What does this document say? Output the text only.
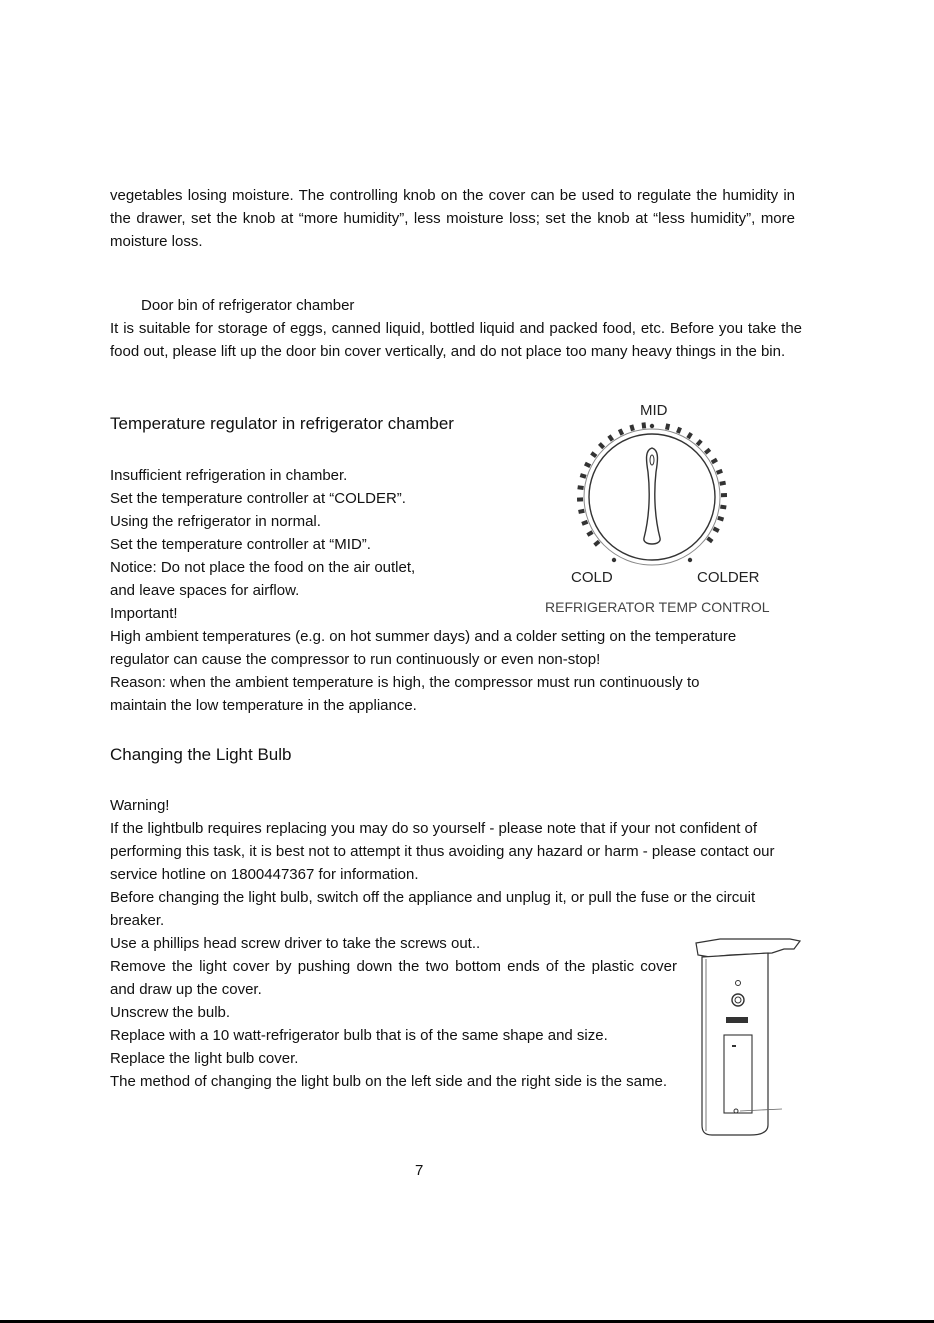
vegetables losing moisture. The controlling knob on the cover can be used to regulate the humidity in the drawer, set the knob at “more humidity”, less moisture loss; set the knob at “less humidity”, more moisture loss.

Door bin of refrigerator chamber

It is suitable for storage of eggs, canned liquid, bottled liquid and packed food, etc. Before you take the food out, please lift up the door bin cover vertically, and do not place too many heavy things in the bin.

Temperature regulator in refrigerator chamber

Insufficient refrigeration in chamber.

Set the temperature controller at “COLDER”.

Using the refrigerator in normal.

Set the temperature controller at “MID”.

Notice: Do not place the food on the air outlet,

and leave spaces for airflow.

Important!

High ambient temperatures (e.g. on hot summer days) and a colder setting on the temperature

regulator can cause the compressor to run continuously or even non-stop!

Reason: when the ambient temperature is high, the compressor must run continuously to

maintain the low temperature in the appliance.

MID

COLD	COLDER

REFRIGERATOR TEMP CONTROL

Changing the Light Bulb

Warning!

If the lightbulb requires replacing you may do so yourself - please note that if your not confident of performing this task, it is best not to attempt it thus avoiding any hazard or harm - please contact our service hotline on 1800447367 for information.

Before changing the light bulb, switch off the appliance and unplug it, or pull the fuse or the circuit breaker.

Use a phillips head screw driver to take the screws out..

Remove the light cover by pushing down the two bottom ends of the plastic cover and draw up the cover.

Unscrew the bulb.

Replace with a 10 watt-refrigerator bulb that is of the same shape and size.

Replace the light bulb cover.

The method of changing the light bulb on the left side and the right side is the same.

7
